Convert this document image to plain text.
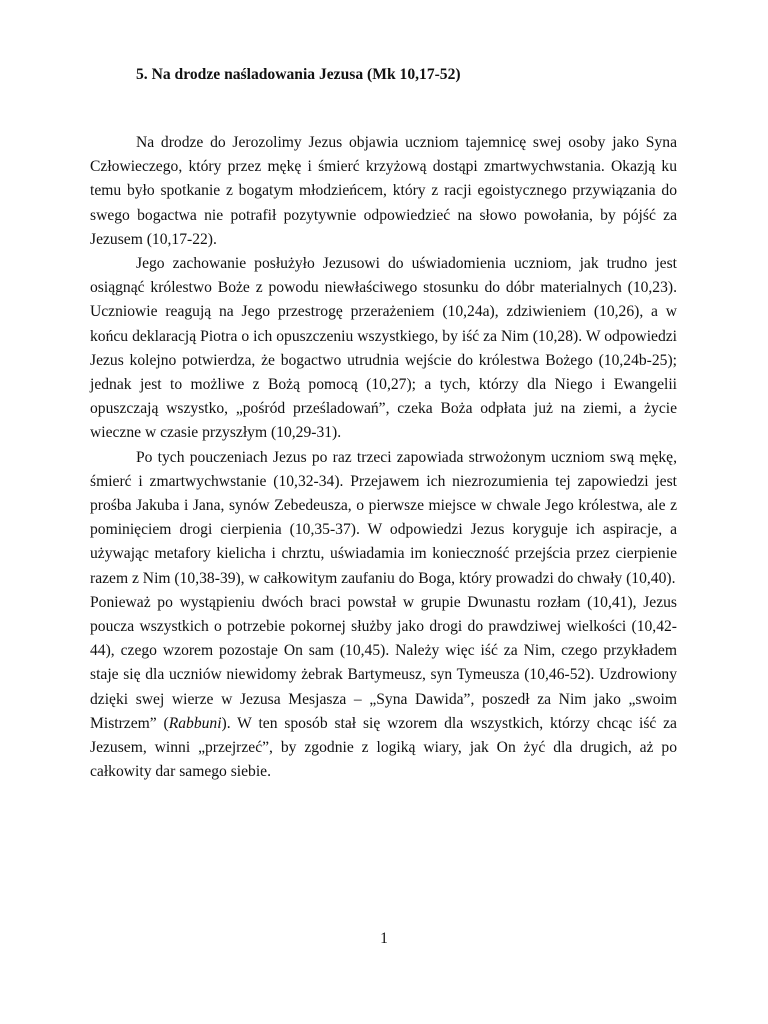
5. Na drodze naśladowania Jezusa (Mk 10,17-52)

Na drodze do Jerozolimy Jezus objawia uczniom tajemnicę swej osoby jako Syna Człowieczego, który przez mękę i śmierć krzyżową dostąpi zmartwychwstania. Okazją ku temu było spotkanie z bogatym młodzieńcem, który z racji egoistycznego przywiązania do swego bogactwa nie potrafił pozytywnie odpowiedzieć na słowo powołania, by pójść za Jezusem (10,17-22).

Jego zachowanie posłużyło Jezusowi do uświadomienia uczniom, jak trudno jest osiągnąć królestwo Boże z powodu niewłaściwego stosunku do dóbr materialnych (10,23). Uczniowie reagują na Jego przestrogę przerażeniem (10,24a), zdziwieniem (10,26), a w końcu deklaracją Piotra o ich opuszczeniu wszystkiego, by iść za Nim (10,28). W odpowiedzi Jezus kolejno potwierdza, że bogactwo utrudnia wejście do królestwa Bożego (10,24b-25); jednak jest to możliwe z Bożą pomocą (10,27); a tych, którzy dla Niego i Ewangelii opuszczają wszystko, „pośród prześladowań”, czeka Boża odpłata już na ziemi, a życie wieczne w czasie przyszłym (10,29-31).

Po tych pouczeniach Jezus po raz trzeci zapowiada strwożonym uczniom swą mękę, śmierć i zmartwychwstanie (10,32-34). Przejawem ich niezrozumienia tej zapowiedzi jest prośba Jakuba i Jana, synów Zebedeusza, o pierwsze miejsce w chwale Jego królestwa, ale z pominięciem drogi cierpienia (10,35-37). W odpowiedzi Jezus koryguje ich aspiracje, a używając metafory kielicha i chrztu, uświadamia im konieczność przejścia przez cierpienie razem z Nim (10,38-39), w całkowitym zaufaniu do Boga, który prowadzi do chwały (10,40).

Ponieważ po wystąpieniu dwóch braci powstał w grupie Dwunastu rozłam (10,41), Jezus poucza wszystkich o potrzebie pokornej służby jako drogi do prawdziwej wielkości (10,42-44), czego wzorem pozostaje On sam (10,45). Należy więc iść za Nim, czego przykładem staje się dla uczniów niewidomy żebrak Bartymeusz, syn Tymeusza (10,46-52). Uzdrowiony dzięki swej wierze w Jezusa Mesjasza – „Syna Dawida”, poszedł za Nim jako „swoim Mistrzem” (Rabbuni). W ten sposób stał się wzorem dla wszystkich, którzy chcąc iść za Jezusem, winni „przejrzeć”, by zgodnie z logiką wiary, jak On żyć dla drugich, aż po całkowity dar samego siebie.

1
